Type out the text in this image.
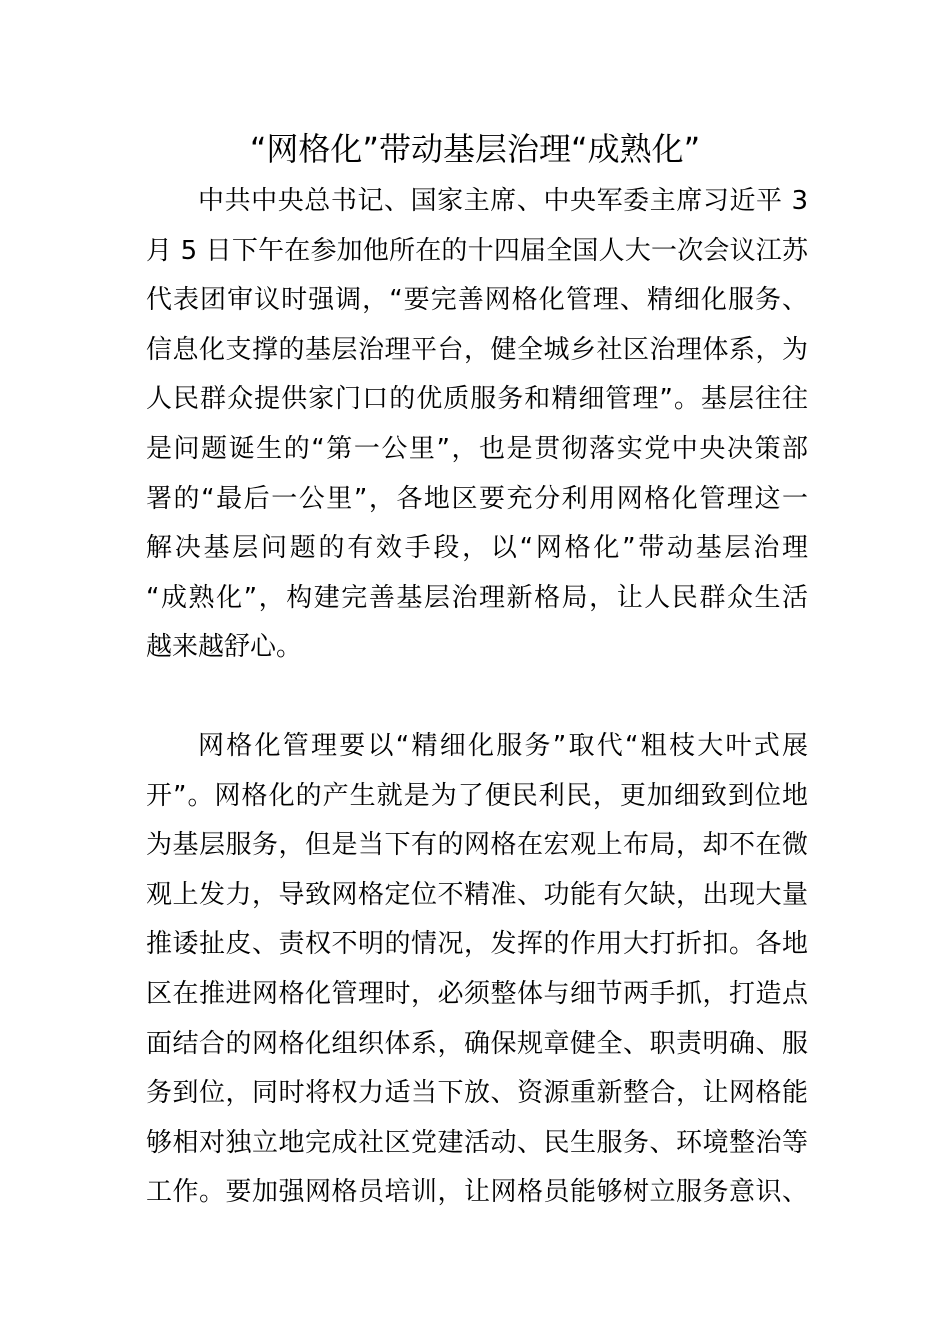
“网格化”带动基层治理“成熟化”
中共中央总书记、国家主席、中央军委主席习近平 3
月 5 日下午在参加他所在的十四届全国人大一次会议江苏
代表团审议时强调，“要完善网格化管理、精细化服务、
信息化支撑的基层治理平台，健全城乡社区治理体系，为
人民群众提供家门口的优质服务和精细管理”。基层往往
是问题诞生的“第一公里”，也是贯彻落实党中央决策部
署的“最后一公里”，各地区要充分利用网格化管理这一
解决基层问题的有效手段，以“网格化”带动基层治理
“成熟化”，构建完善基层治理新格局，让人民群众生活
越来越舒心。
网格化管理要以“精细化服务”取代“粗枝大叶式展
开”。网格化的产生就是为了便民利民，更加细致到位地
为基层服务，但是当下有的网格在宏观上布局，却不在微
观上发力，导致网格定位不精准、功能有欠缺，出现大量
推诿扯皮、责权不明的情况，发挥的作用大打折扣。各地
区在推进网格化管理时，必须整体与细节两手抓，打造点
面结合的网格化组织体系，确保规章健全、职责明确、服
务到位，同时将权力适当下放、资源重新整合，让网格能
够相对独立地完成社区党建活动、民生服务、环境整治等
工作。要加强网格员培训，让网格员能够树立服务意识、
